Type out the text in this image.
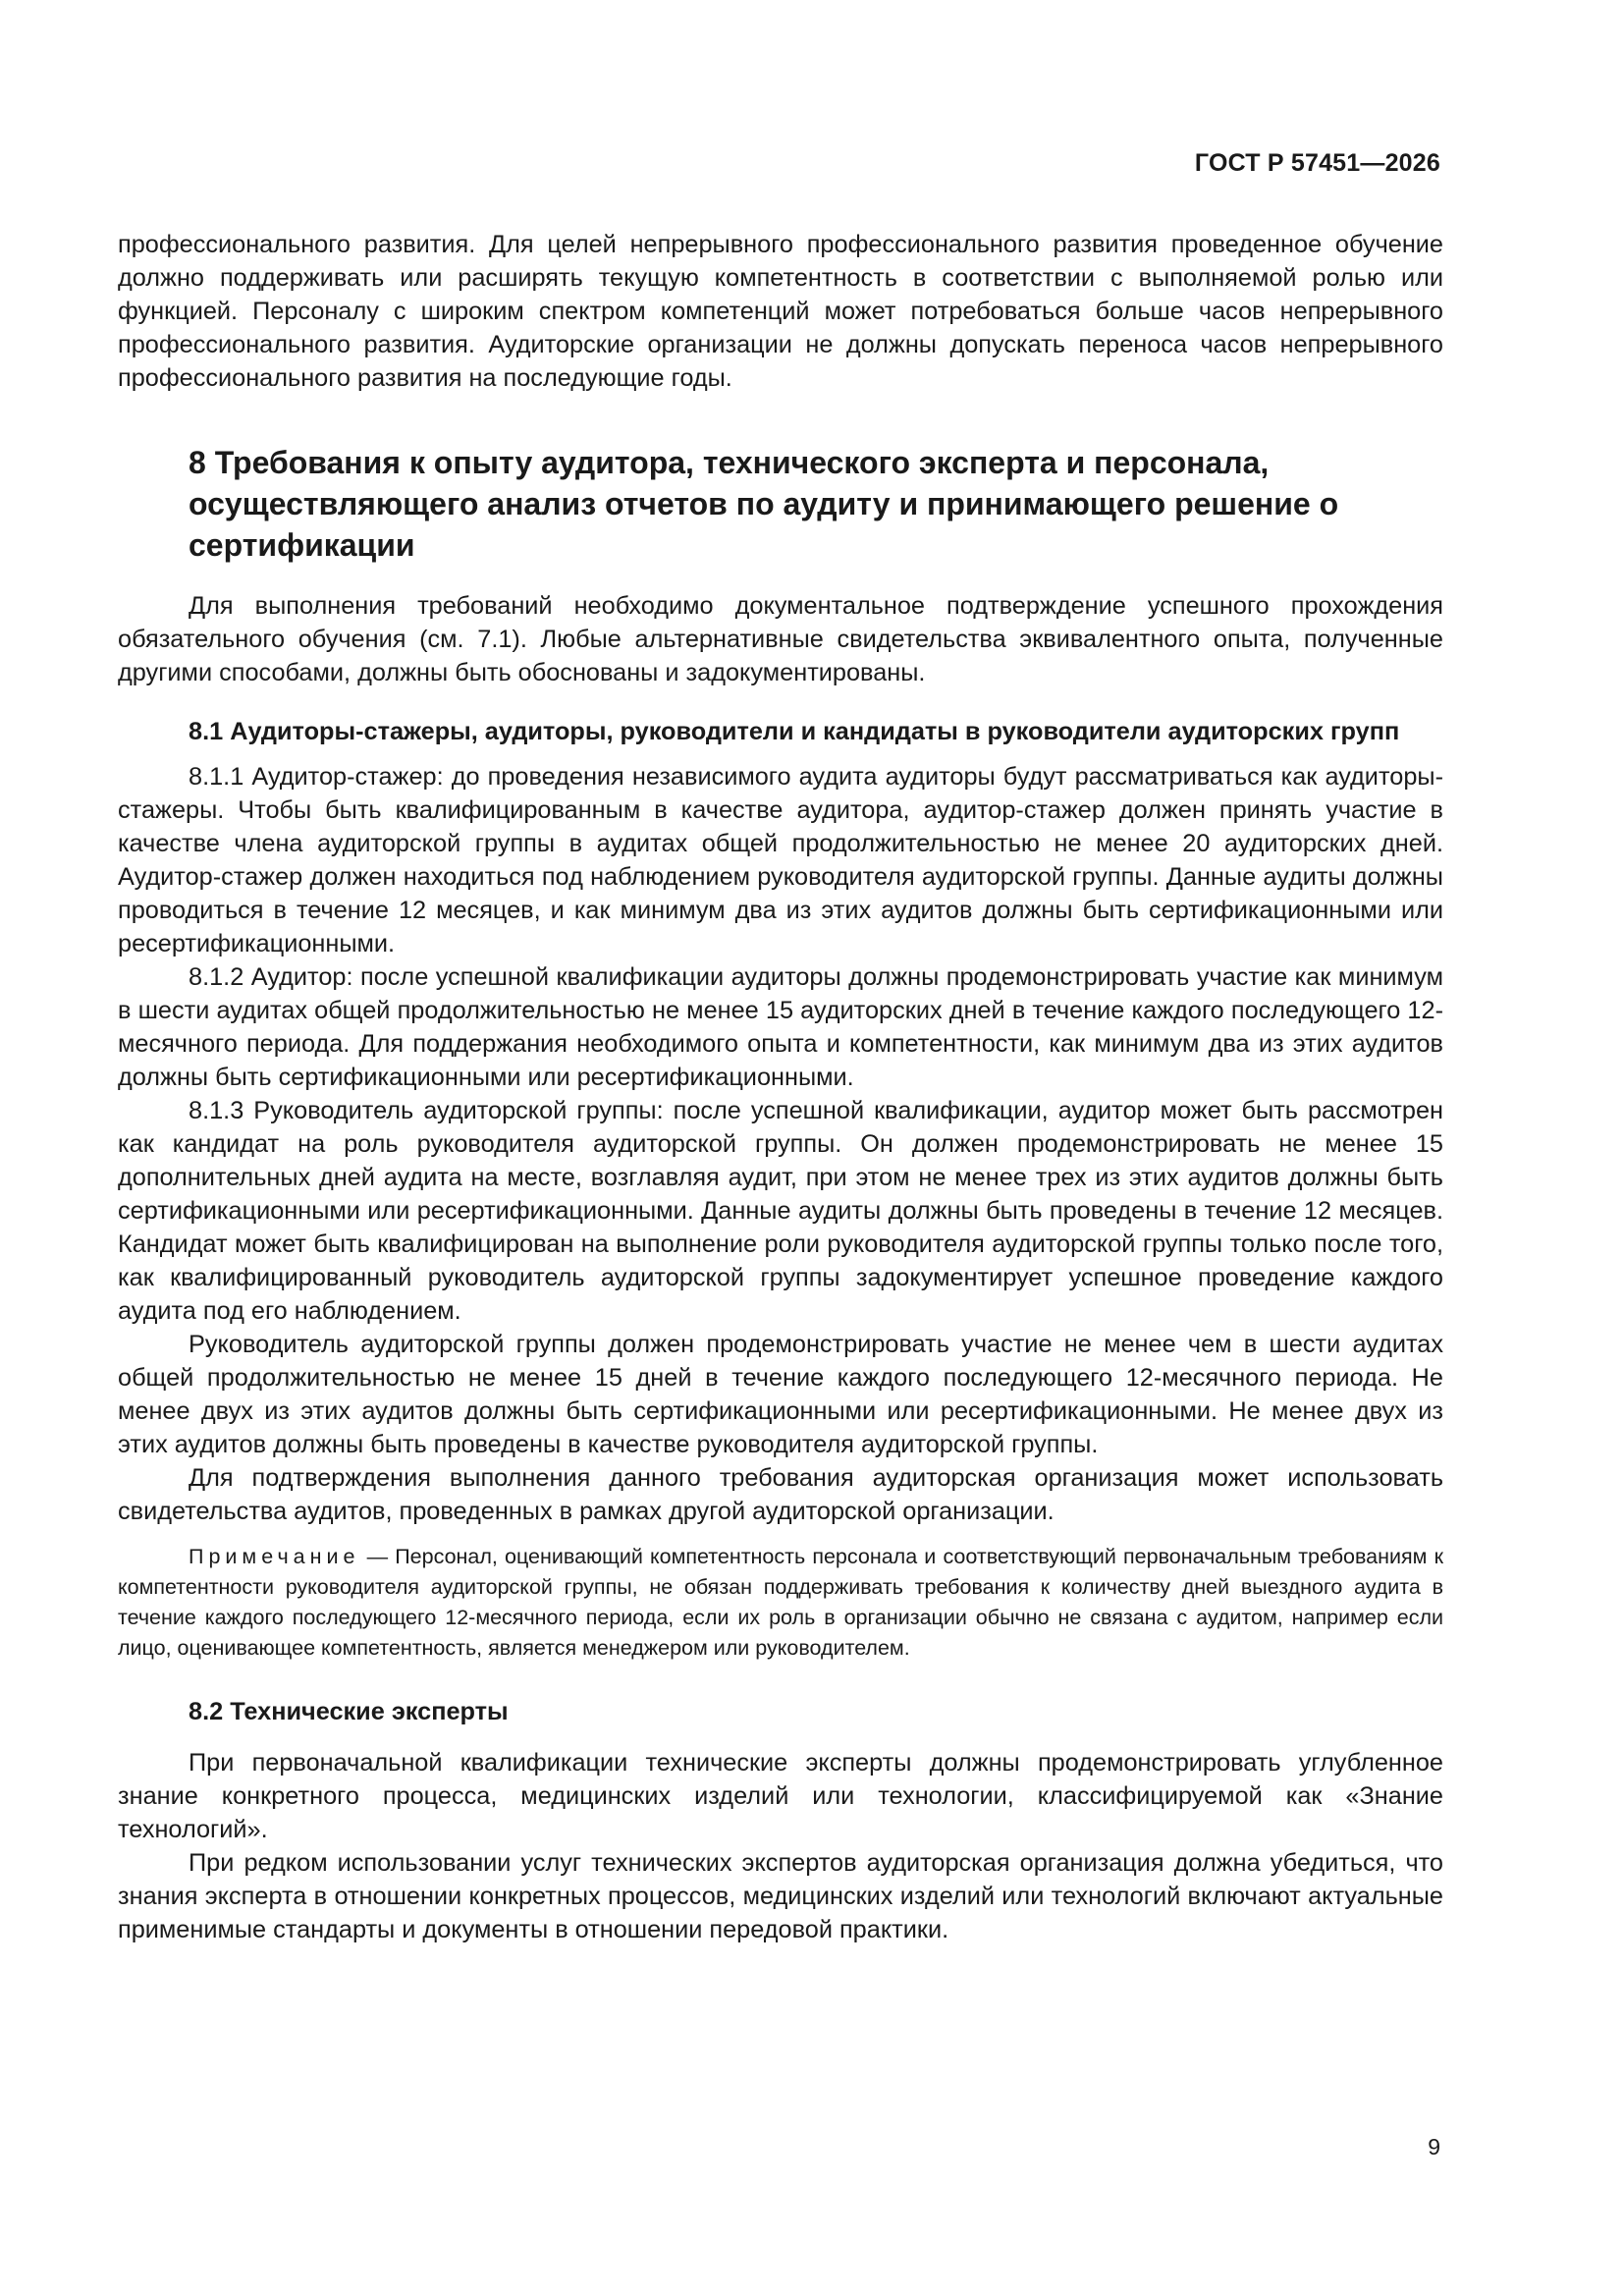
ГОСТ Р 57451—2026

профессионального развития. Для целей непрерывного профессионального развития проведенное обучение должно поддерживать или расширять текущую компетентность в соответствии с выполняемой ролью или функцией. Персоналу с широким спектром компетенций может потребоваться больше часов непрерывного профессионального развития. Аудиторские организации не должны допускать переноса часов непрерывного профессионального развития на последующие годы.

8 Требования к опыту аудитора, технического эксперта и персонала, осуществляющего анализ отчетов по аудиту и принимающего решение о сертификации

Для выполнения требований необходимо документальное подтверждение успешного прохождения обязательного обучения (см. 7.1). Любые альтернативные свидетельства эквивалентного опыта, полученные другими способами, должны быть обоснованы и задокументированы.

8.1 Аудиторы-стажеры, аудиторы, руководители и кандидаты в руководители аудиторских групп

8.1.1 Аудитор-стажер: до проведения независимого аудита аудиторы будут рассматриваться как аудиторы-стажеры. Чтобы быть квалифицированным в качестве аудитора, аудитор-стажер должен принять участие в качестве члена аудиторской группы в аудитах общей продолжительностью не менее 20 аудиторских дней. Аудитор-стажер должен находиться под наблюдением руководителя аудиторской группы. Данные аудиты должны проводиться в течение 12 месяцев, и как минимум два из этих аудитов должны быть сертификационными или ресертификационными.

8.1.2 Аудитор: после успешной квалификации аудиторы должны продемонстрировать участие как минимум в шести аудитах общей продолжительностью не менее 15 аудиторских дней в течение каждого последующего 12-месячного периода. Для поддержания необходимого опыта и компетентности, как минимум два из этих аудитов должны быть сертификационными или ресертификационными.

8.1.3 Руководитель аудиторской группы: после успешной квалификации, аудитор может быть рассмотрен как кандидат на роль руководителя аудиторской группы. Он должен продемонстрировать не менее 15 дополнительных дней аудита на месте, возглавляя аудит, при этом не менее трех из этих аудитов должны быть сертификационными или ресертификационными. Данные аудиты должны быть проведены в течение 12 месяцев. Кандидат может быть квалифицирован на выполнение роли руководителя аудиторской группы только после того, как квалифицированный руководитель аудиторской группы задокументирует успешное проведение каждого аудита под его наблюдением.

Руководитель аудиторской группы должен продемонстрировать участие не менее чем в шести аудитах общей продолжительностью не менее 15 дней в течение каждого последующего 12-месячного периода. Не менее двух из этих аудитов должны быть сертификационными или ресертификационными. Не менее двух из этих аудитов должны быть проведены в качестве руководителя аудиторской группы.

Для подтверждения выполнения данного требования аудиторская организация может использовать свидетельства аудитов, проведенных в рамках другой аудиторской организации.

Примечание — Персонал, оценивающий компетентность персонала и соответствующий первоначальным требованиям к компетентности руководителя аудиторской группы, не обязан поддерживать требования к количеству дней выездного аудита в течение каждого последующего 12-месячного периода, если их роль в организации обычно не связана с аудитом, например если лицо, оценивающее компетентность, является менеджером или руководителем.

8.2 Технические эксперты

При первоначальной квалификации технические эксперты должны продемонстрировать углубленное знание конкретного процесса, медицинских изделий или технологии, классифицируемой как «Знание технологий».

При редком использовании услуг технических экспертов аудиторская организация должна убедиться, что знания эксперта в отношении конкретных процессов, медицинских изделий или технологий включают актуальные применимые стандарты и документы в отношении передовой практики.

9
